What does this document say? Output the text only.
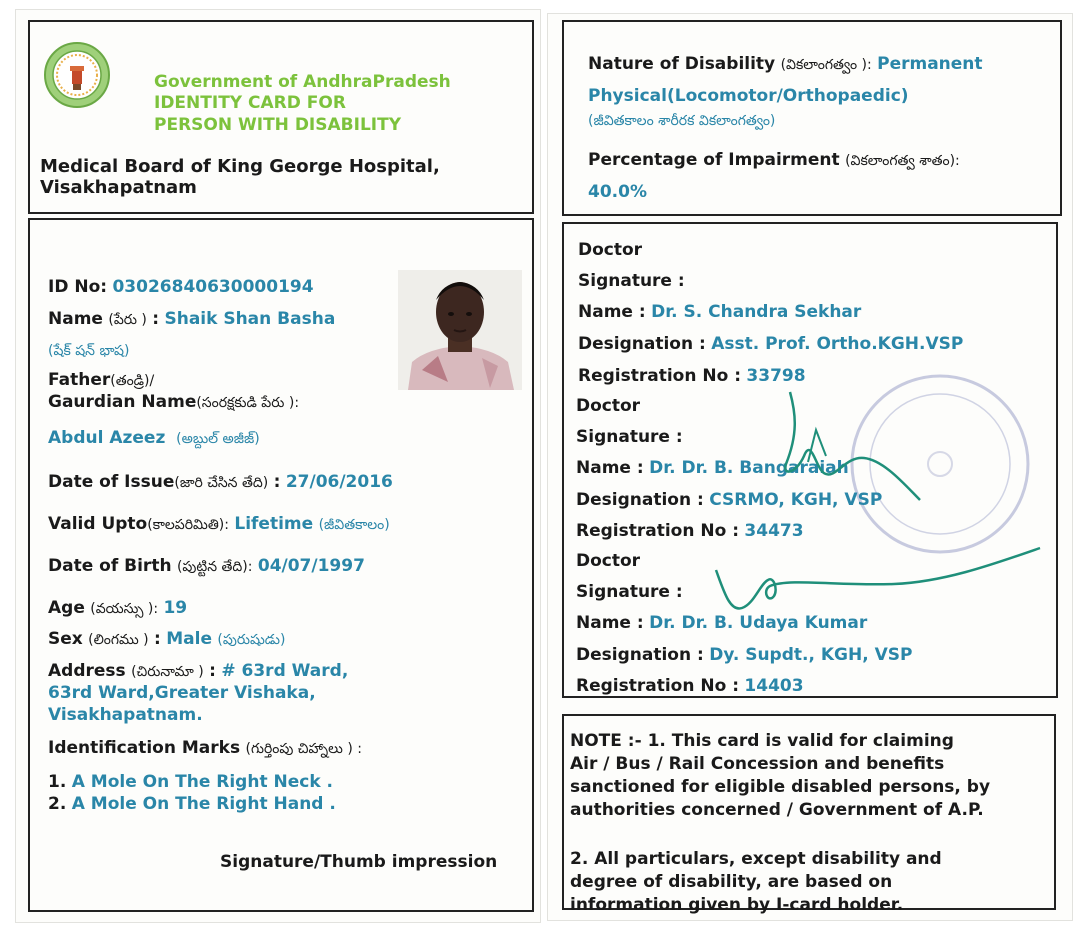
Government of AndhraPradesh
IDENTITY CARD FOR
PERSON WITH DISABILITY
Medical Board of King George Hospital,
Visakhapatnam
ID No: 03026840630000194
Name (పేరు ) : Shaik Shan Basha
(షేక్ షన్ భాష)
Father(తండ్రి)/
Gaurdian Name(సంరక్షకుడి పేరు ):
Abdul Azeez (అబ్దుల్ అజీజ్)
Date of Issue(జారి చేసిన తేది) : 27/06/2016
Valid Upto(కాలపరిమితి): Lifetime (జీవితకాలం)
Date of Birth (పుట్టిన తేది): 04/07/1997
Age (వయస్సు ): 19
Sex (లింగము ) : Male (పురుషుడు)
Address (చిరునామా ) : # 63rd Ward,
63rd Ward,Greater Vishaka,
Visakhapatnam.
Identification Marks (గుర్తింపు చిహ్నాలు ) :
1. A Mole On The Right Neck .
2. A Mole On The Right Hand .
Signature/Thumb impression
Nature of Disability (వికలాంగత్వం ): Permanent
Physical(Locomotor/Orthopaedic)
(జీవితకాలం శారీరక వికలాంగత్వం)
Percentage of Impairment (వికలాంగత్వ శాతం):
40.0%
Doctor
Signature :
Name : Dr. S. Chandra Sekhar
Designation : Asst. Prof. Ortho.KGH.VSP
Registration No : 33798
Doctor
Signature :
Name : Dr. Dr. B. Bangaraiah
Designation : CSRMO, KGH, VSP
Registration No : 34473
Doctor
Signature :
Name : Dr. Dr. B. Udaya Kumar
Designation : Dy. Supdt., KGH, VSP
Registration No : 14403
NOTE :- 1. This card is valid for claiming
Air / Bus / Rail Concession and benefits
sanctioned for eligible disabled persons, by
authorities concerned / Government of A.P.
2. All particulars, except disability and
degree of disability, are based on
information given by I-card holder.
